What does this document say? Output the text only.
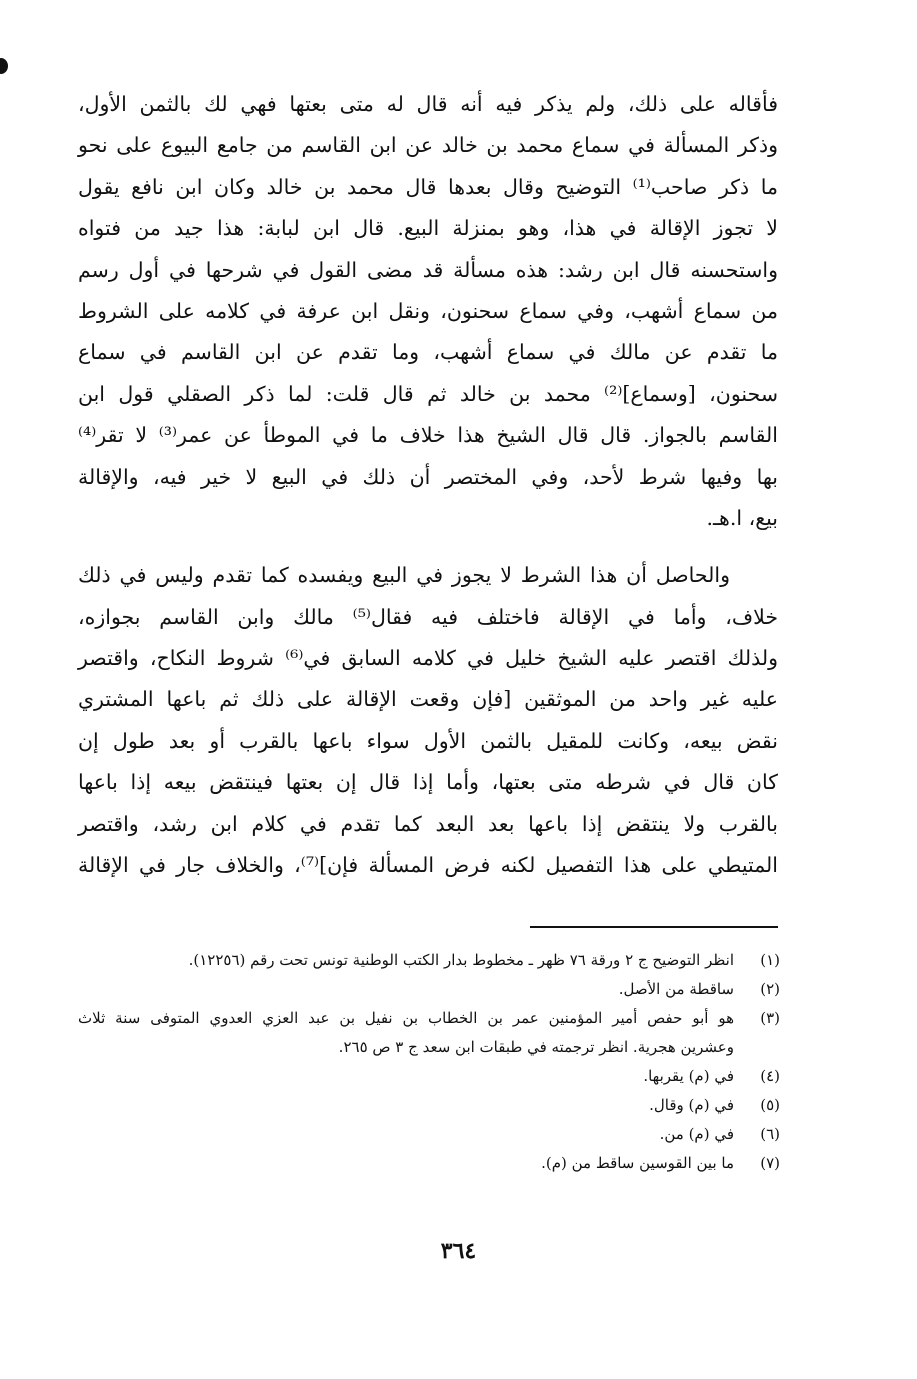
فأقاله على ذلك، ولم يذكر فيه أنه قال له متى بعتها فهي لك بالثمن الأول،
وذكر المسألة في سماع محمد بن خالد عن ابن القاسم من جامع البيوع على نحو
ما ذكر صاحب⁽¹⁾ التوضيح وقال بعدها قال محمد بن خالد وكان ابن نافع يقول
لا تجوز الإقالة في هذا، وهو بمنزلة البيع. قال ابن لبابة: هذا جيد من فتواه
واستحسنه قال ابن رشد: هذه مسألة قد مضى القول في شرحها في أول رسم
من سماع أشهب، وفي سماع سحنون، ونقل ابن عرفة في كلامه على الشروط
ما تقدم عن مالك في سماع أشهب، وما تقدم عن ابن القاسم في سماع
سحنون، [وسماع]⁽²⁾ محمد بن خالد ثم قال قلت: لما ذكر الصقلي قول ابن
القاسم بالجواز. قال قال الشيخ هذا خلاف ما في الموطأ عن عمر⁽³⁾ لا تقر⁽⁴⁾
بها وفيها شرط لأحد، وفي المختصر أن ذلك في البيع لا خير فيه، والإقالة
بيع، ا.هـ.
والحاصل أن هذا الشرط لا يجوز في البيع ويفسده كما تقدم وليس في ذلك
خلاف، وأما في الإقالة فاختلف فيه فقال⁽⁵⁾ مالك وابن القاسم بجوازه،
ولذلك اقتصر عليه الشيخ خليل في كلامه السابق في⁽⁶⁾ شروط النكاح، واقتصر
عليه غير واحد من الموثقين [فإن وقعت الإقالة على ذلك ثم باعها المشتري
نقض بيعه، وكانت للمقيل بالثمن الأول سواء باعها بالقرب أو بعد طول إن
كان قال في شرطه متى بعتها، وأما إذا قال إن بعتها فينتقض بيعه إذا باعها
بالقرب ولا ينتقض إذا باعها بعد البعد كما تقدم في كلام ابن رشد، واقتصر
المتيطي على هذا التفصيل لكنه فرض المسألة فإن]⁽⁷⁾، والخلاف جار في الإقالة
(١)
انظر التوضيح ج ٢ ورقة ٧٦ ظهر ـ مخطوط بدار الكتب الوطنية تونس تحت رقم (١٢٢٥٦).
(٢)
ساقطة من الأصل.
(٣)
هو أبو حفص أمير المؤمنين عمر بن الخطاب بن نفيل بن عبد العزي العدوي المتوفى سنة ثلاث
وعشرين هجرية. انظر ترجمته في طبقات ابن سعد ج ٣ ص ٢٦٥.
(٤)
في (م) يقربها.
(٥)
في (م) وقال.
(٦)
في (م) من.
(٧)
ما بين القوسين ساقط من (م).
٣٦٤
